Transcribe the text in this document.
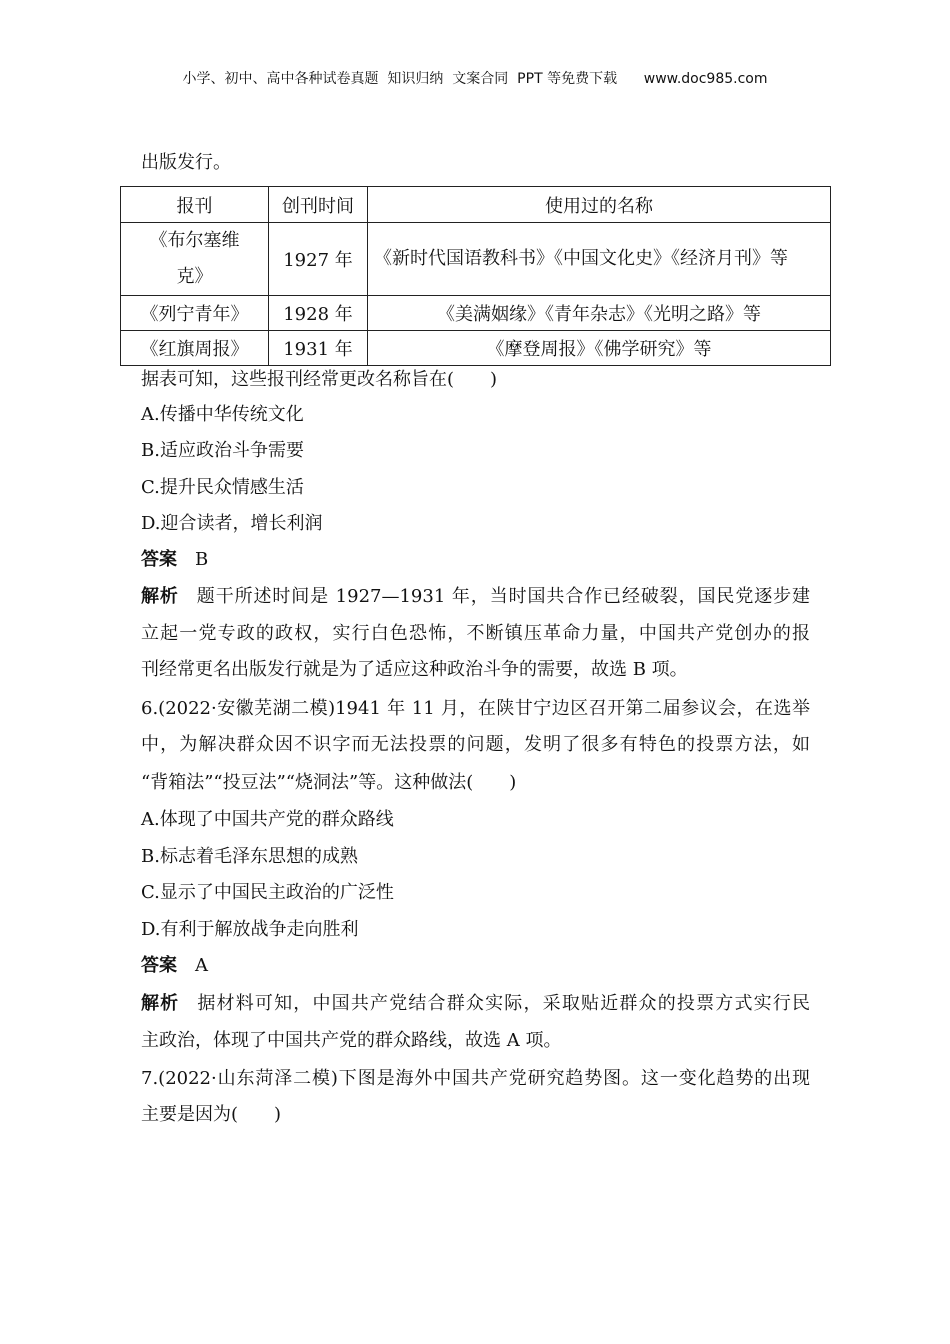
小学、初中、高中各种试卷真题  知识归纳  文案合同  PPT 等免费下载      www.doc985.com
出版发行。
报刊	创刊时间	使用过的名称
《布尔塞维克》	1927 年	《新时代国语教科书》《中国文化史》《经济月刊》等
《列宁青年》	1928 年	《美满姻缘》《青年杂志》《光明之路》等
《红旗周报》	1931 年	《摩登周报》《佛学研究》等
据表可知，这些报刊经常更改名称旨在(　　)
A.传播中华传统文化
B.适应政治斗争需要
C.提升民众情感生活
D.迎合读者，增长利润
答案 B
解析 题干所述时间是 1927—1931 年，当时国共合作已经破裂，国民党逐步建
立起一党专政的政权，实行白色恐怖，不断镇压革命力量，中国共产党创办的报
刊经常更名出版发行就是为了适应这种政治斗争的需要，故选 B 项。
6.(2022·安徽芜湖二模)1941 年 11 月，在陕甘宁边区召开第二届参议会，在选举
中，为解决群众因不识字而无法投票的问题，发明了很多有特色的投票方法，如
“背箱法”“投豆法”“烧洞法”等。这种做法(　　)
A.体现了中国共产党的群众路线
B.标志着毛泽东思想的成熟
C.显示了中国民主政治的广泛性
D.有利于解放战争走向胜利
答案 A
解析 据材料可知，中国共产党结合群众实际，采取贴近群众的投票方式实行民
主政治，体现了中国共产党的群众路线，故选 A 项。
7.(2022·山东菏泽二模)下图是海外中国共产党研究趋势图。这一变化趋势的出现
主要是因为(　　)
